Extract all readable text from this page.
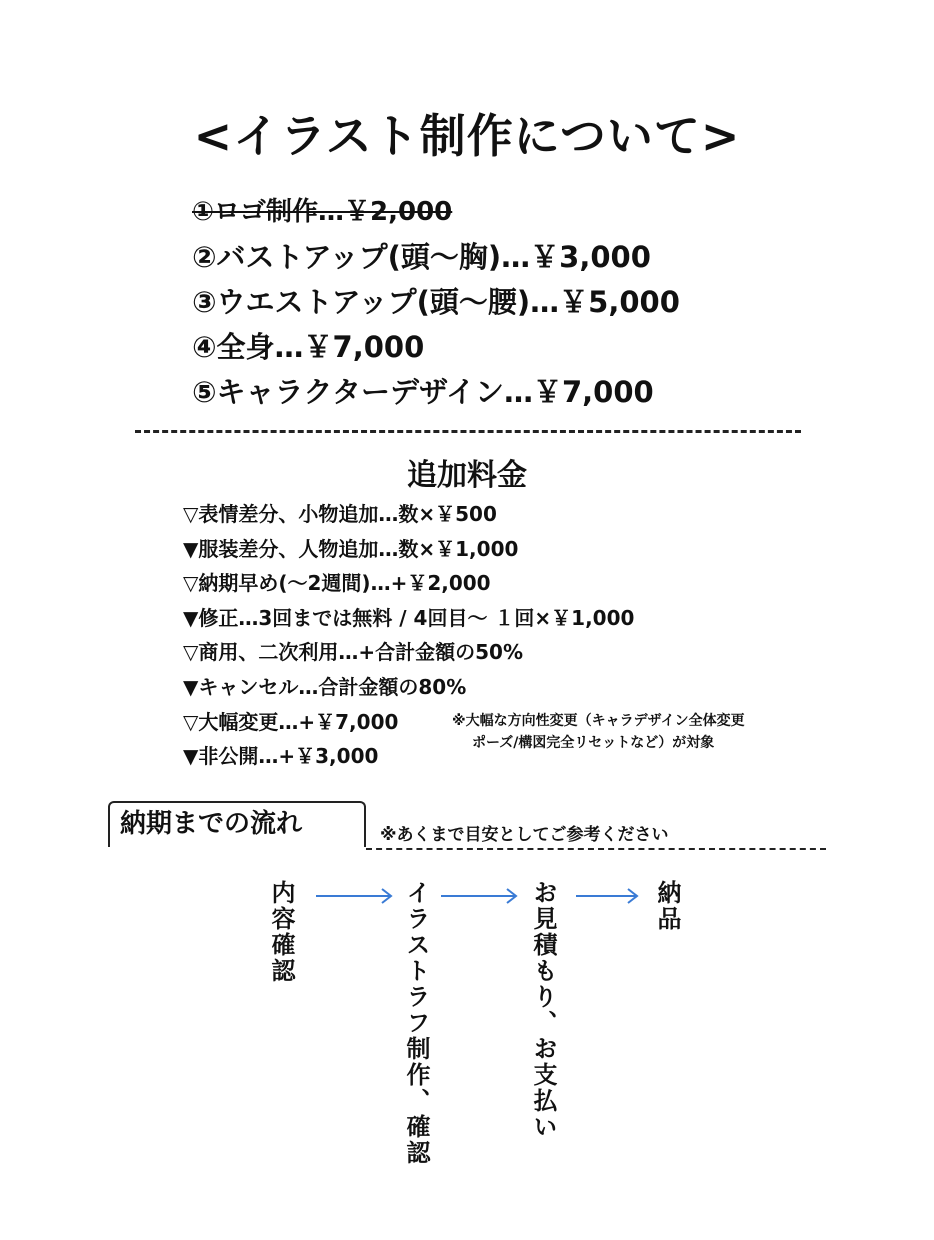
<イラスト制作について>
①ロゴ制作…￥2,000
②バストアップ(頭〜胸)…￥3,000
③ウエストアップ(頭〜腰)…￥5,000
④全身…￥7,000
⑤キャラクターデザイン…￥7,000
追加料金
▽表情差分、小物追加…数×￥500
▼服装差分、人物追加…数×￥1,000
▽納期早め(〜2週間)…+￥2,000
▼修正…3回までは無料 / 4回目〜 １回×￥1,000
▽商用、二次利用…+合計金額の50%
▼キャンセル…合計金額の80%
▽大幅変更…+￥7,000
▼非公開…+￥3,000

※大幅な方向性変更（キャラデザイン全体変更
ポーズ/構図完全リセットなど）が対象

納期までの流れ	※あくまで目安としてご参考ください
内容確認	イラストラフ制作、確認	お見積もり、お支払い	納品
